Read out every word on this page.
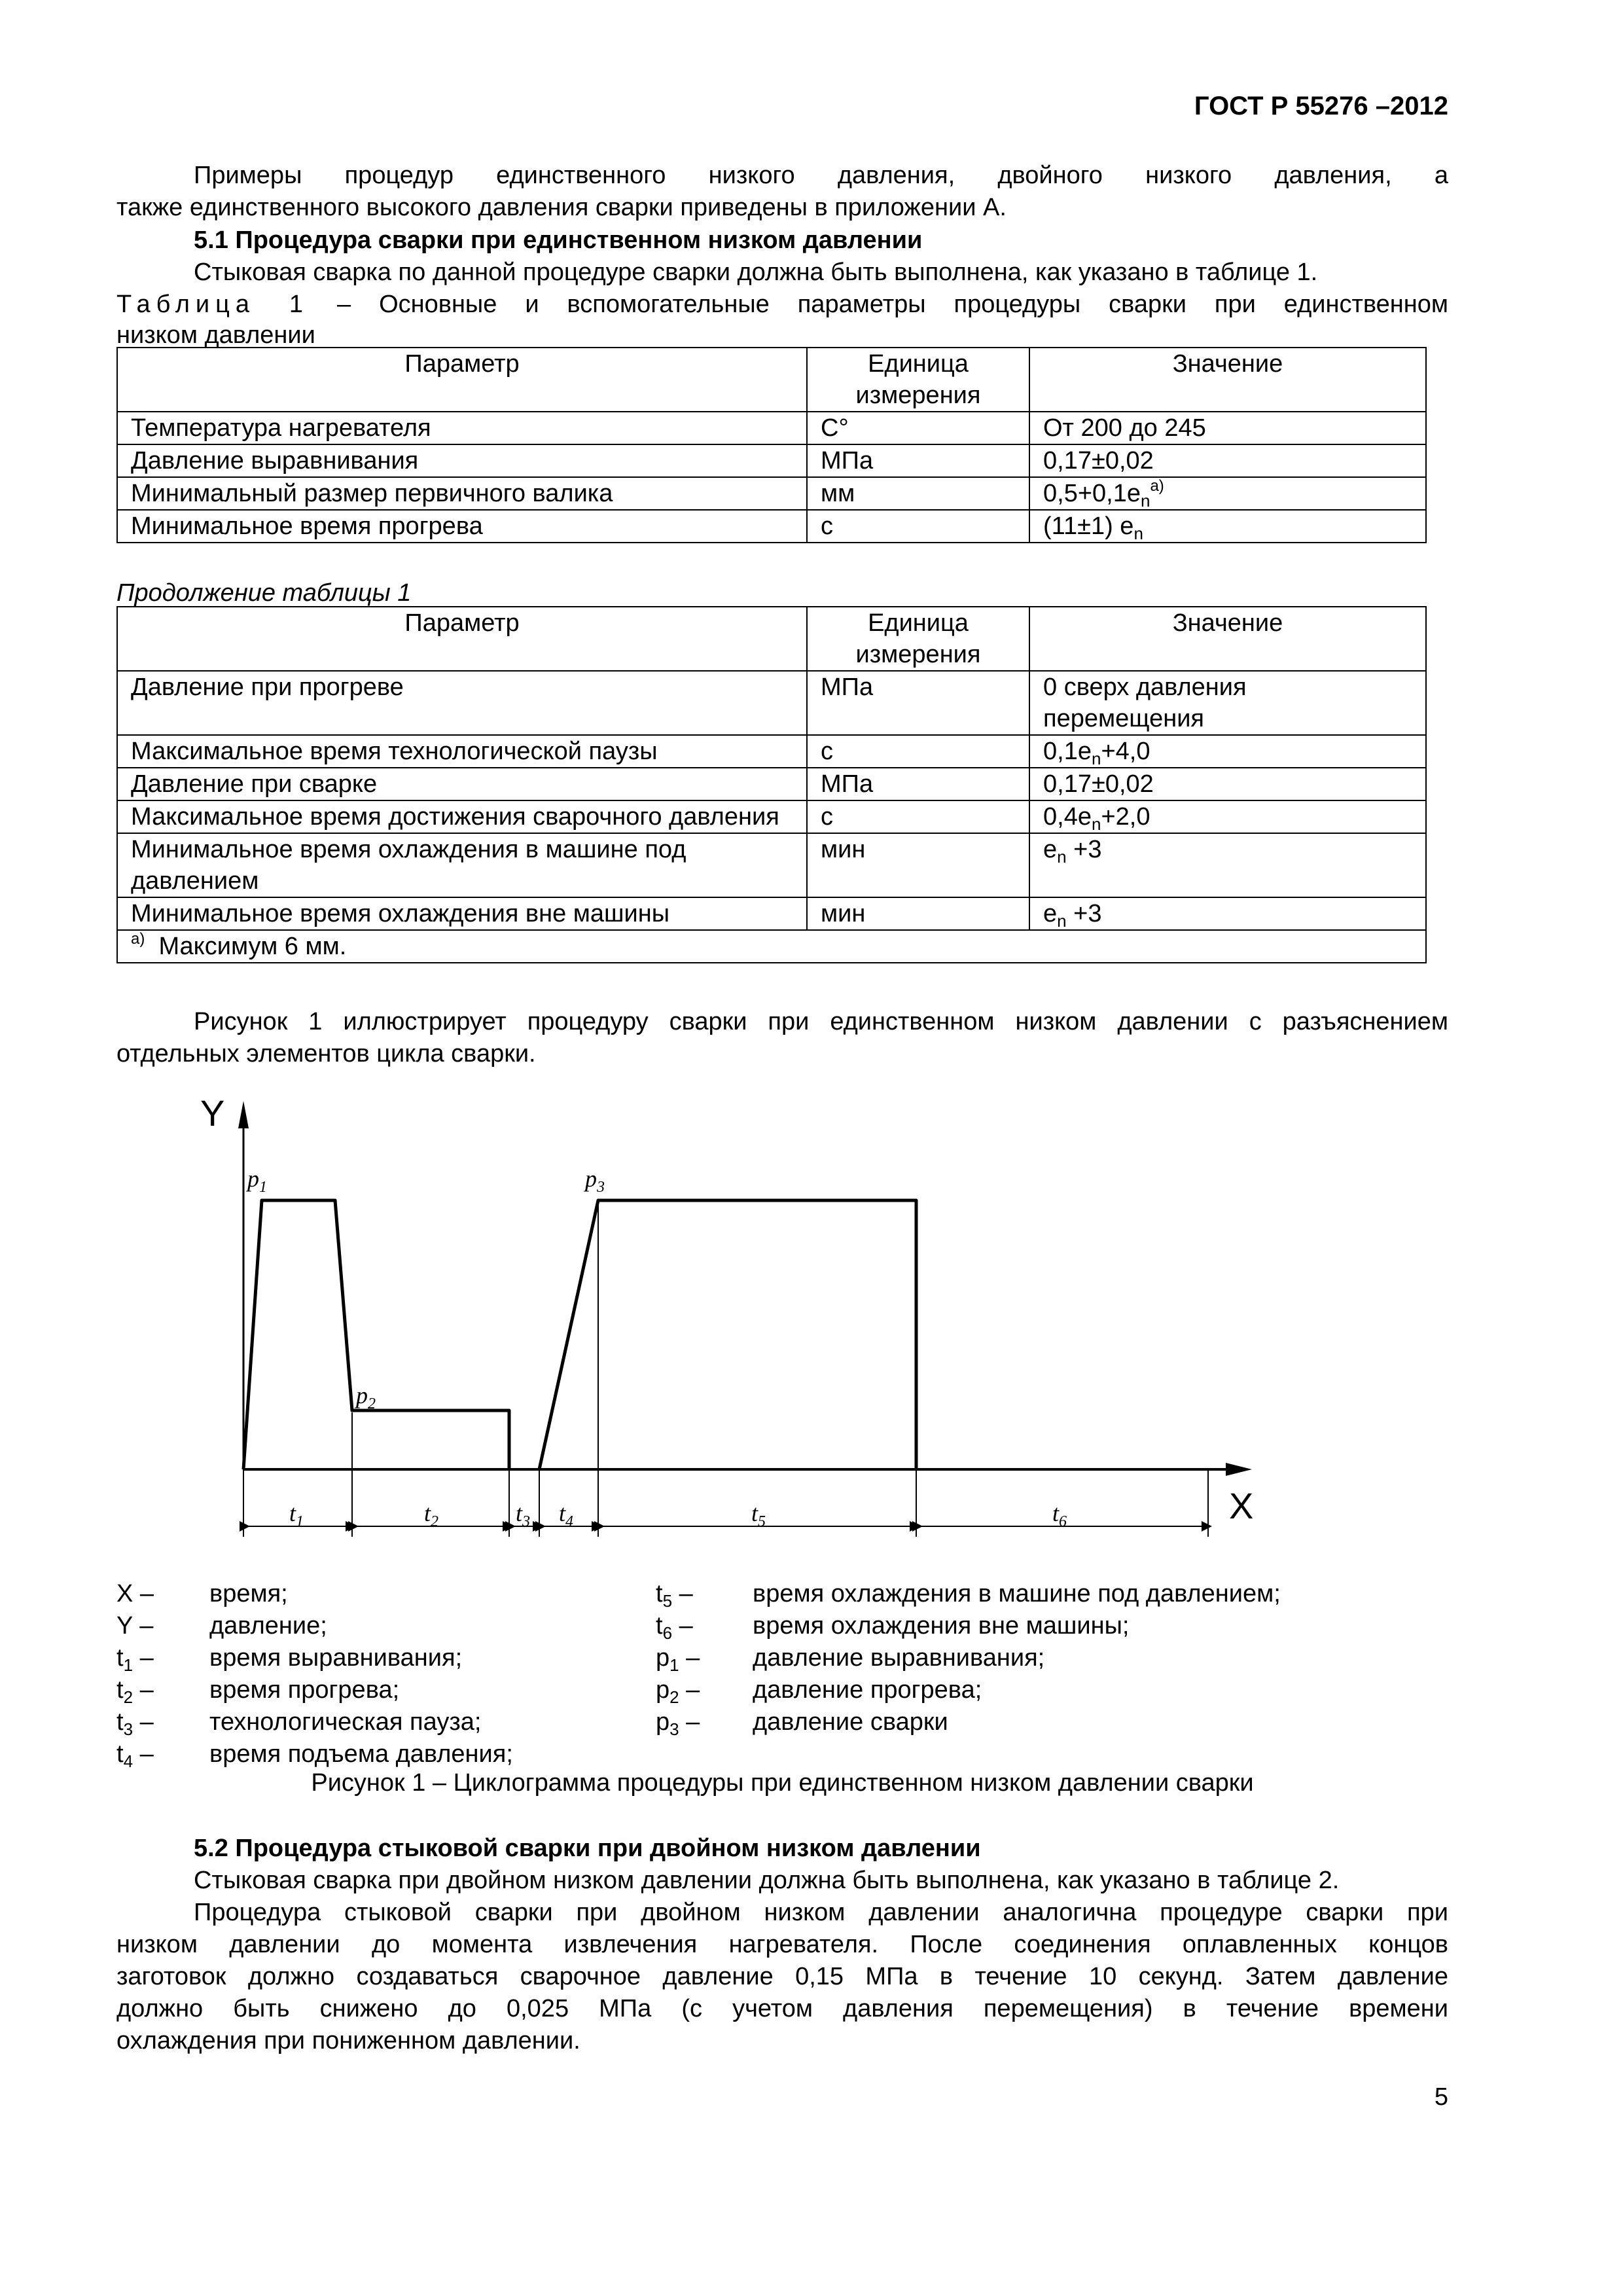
ГОСТ Р 55276 –2012
Примеры процедур единственного низкого давления, двойного низкого давления, а
также единственного высокого давления сварки приведены в приложении А.
5.1 Процедура сварки при единственном низком давлении
Стыковая сварка по данной процедуре сварки должна быть выполнена, как указано в таблице 1.
Таблица 1 – Основные и вспомогательные параметры процедуры сварки при единственном
низком давлении
Параметр	Единица измерения	Значение
Температура нагревателя	С°	От 200 до 245
Давление выравнивания	МПа	0,17±0,02
Минимальный размер первичного валика	мм	$0,5+0,1e_n^{а)}$
Минимальное время прогрева	с	(11±1) $е_n$
Продолжение таблицы 1
Параметр	Единица измерения	Значение
Давление при прогреве	МПа	0 сверх давления перемещения
Максимальное время технологической паузы	с	$0,1e_n+4,0$
Давление при сварке	МПа	0,17±0,02
Максимальное время достижения сварочного давления	с	$0,4е_n+2,0$
Минимальное время охлаждения в машине под давлением	мин	$e_n +3$
Минимальное время охлаждения вне машины	мин	$e_n +3$
$^{а)}$ Максимум 6 мм.		
Рисунок 1 иллюстрирует процедуру сварки при единственном низком давлении с разъяснением
отдельных элементов цикла сварки.
Y
X
$p_1$
$p_2$
$p_3$
$t_1$	$t_2$	$t_3$ $t_4$	$t_5$	$t_6$
X – время;
Y – давление;
$t_1$ – время выравнивания;
$t_2$ – время прогрева;
$t_3$ – технологическая пауза;
$t_4$ – время подъема давления;
$t_5$ – время охлаждения в машине под давлением;
$t_6$ – время охлаждения вне машины;
$p_1$ – давление выравнивания;
$p_2$ – давление прогрева;
$p_3$ – давление сварки
Рисунок 1 – Циклограмма процедуры при единственном низком давлении сварки
5.2 Процедура стыковой сварки при двойном низком давлении
Стыковая сварка при двойном низком давлении должна быть выполнена, как указано в таблице 2.
Процедура стыковой сварки при двойном низком давлении аналогична процедуре сварки при
низком давлении до момента извлечения нагревателя. После соединения оплавленных концов
заготовок должно создаваться сварочное давление 0,15 МПа в течение 10 секунд. Затем давление
должно быть снижено до 0,025 МПа (с учетом давления перемещения) в течение времени
охлаждения при пониженном давлении.
5
